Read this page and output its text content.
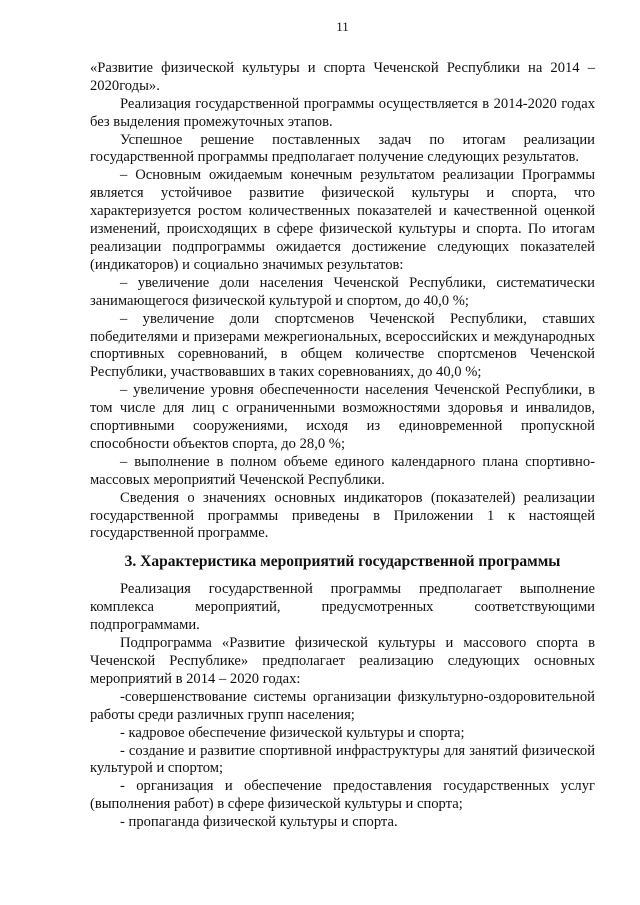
11

«Развитие физической культуры и спорта Чеченской Республики на 2014 – 2020годы».

Реализация государственной программы осуществляется в 2014-2020 годах без выделения промежуточных этапов.

Успешное решение поставленных задач по итогам реализации государственной программы предполагает получение следующих результатов.

– Основным ожидаемым конечным результатом реализации Программы является устойчивое развитие физической культуры и спорта, что характеризуется ростом количественных показателей и качественной оценкой изменений, происходящих в сфере физической культуры и спорта. По итогам реализации подпрограммы ожидается достижение следующих показателей (индикаторов) и социально значимых результатов:

– увеличение доли населения Чеченской Республики, систематически занимающегося физической культурой и спортом, до 40,0 %;

– увеличение доли спортсменов Чеченской Республики, ставших победителями и призерами межрегиональных, всероссийских и международных спортивных соревнований, в общем количестве спортсменов Чеченской Республики, участвовавших в таких соревнованиях, до 40,0 %;

– увеличение уровня обеспеченности населения Чеченской Республики, в том числе для лиц с ограниченными возможностями здоровья и инвалидов, спортивными сооружениями, исходя из единовременной пропускной способности объектов спорта, до 28,0 %;

– выполнение в полном объеме единого календарного плана спортивно-массовых мероприятий Чеченской Республики.

Сведения о значениях основных индикаторов (показателей) реализации государственной программы приведены в Приложении 1 к настоящей государственной программе.

3. Характеристика мероприятий государственной программы

Реализация государственной программы предполагает выполнение комплекса мероприятий, предусмотренных соответствующими подпрограммами.

Подпрограмма «Развитие физической культуры и массового спорта в Чеченской Республике» предполагает реализацию следующих основных мероприятий в 2014 – 2020 годах:

-совершенствование системы организации физкультурно-оздоровительной работы среди различных групп населения;

- кадровое обеспечение физической культуры и спорта;

- создание и развитие спортивной инфраструктуры для занятий физической культурой и спортом;

- организация и обеспечение предоставления государственных услуг (выполнения работ) в сфере физической культуры и спорта;

- пропаганда физической культуры и спорта.
